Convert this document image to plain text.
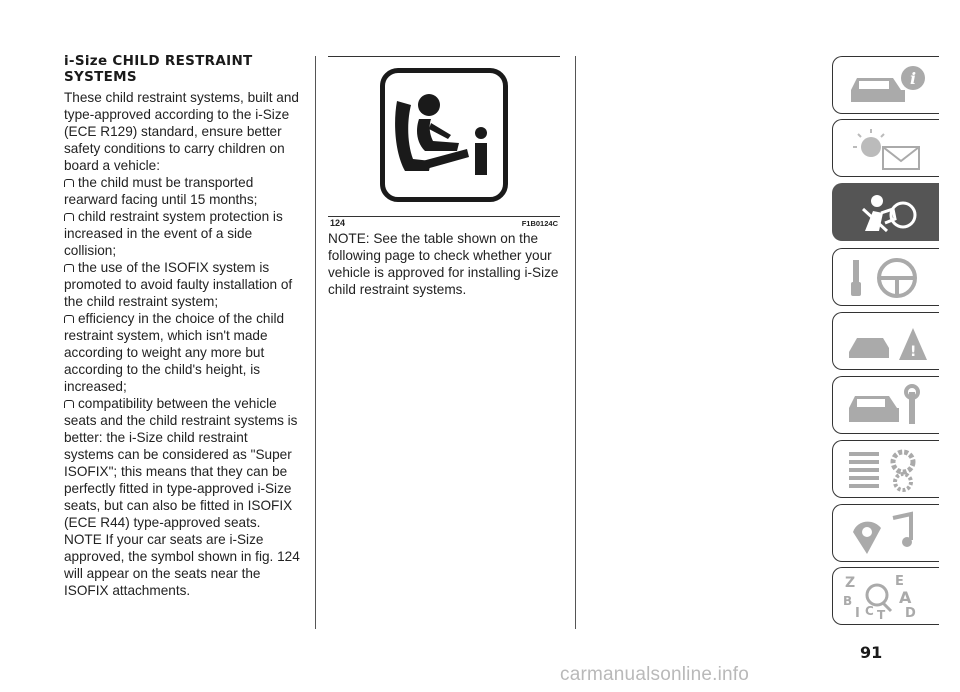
i-Size CHILD RESTRAINT
SYSTEMS

These child restraint systems, built and type-approved according to the i-Size (ECE R129) standard, ensure better safety conditions to carry children on board a vehicle:

the child must be transported rearward facing until 15 months;

child restraint system protection is increased in the event of a side collision;

the use of the ISOFIX system is promoted to avoid faulty installation of the child restraint system;

efficiency in the choice of the child restraint system, which isn't made according to weight any more but according to the child's height, is increased;

compatibility between the vehicle seats and the child restraint systems is better: the i-Size child restraint systems can be considered as "Super ISOFIX"; this means that they can be perfectly fitted in type-approved i-Size seats, but can also be fitted in ISOFIX (ECE R44) type-approved seats.

NOTE If your car seats are i-Size approved, the symbol shown in fig. 124 will appear on the seats near the ISOFIX attachments.

124	F1B0124C

NOTE: See the table shown on the following page to check whether your vehicle is approved for installing i-Size child restraint systems.

i
!
Z	E
A
B
I C T D
91
carmanualsonline.info
